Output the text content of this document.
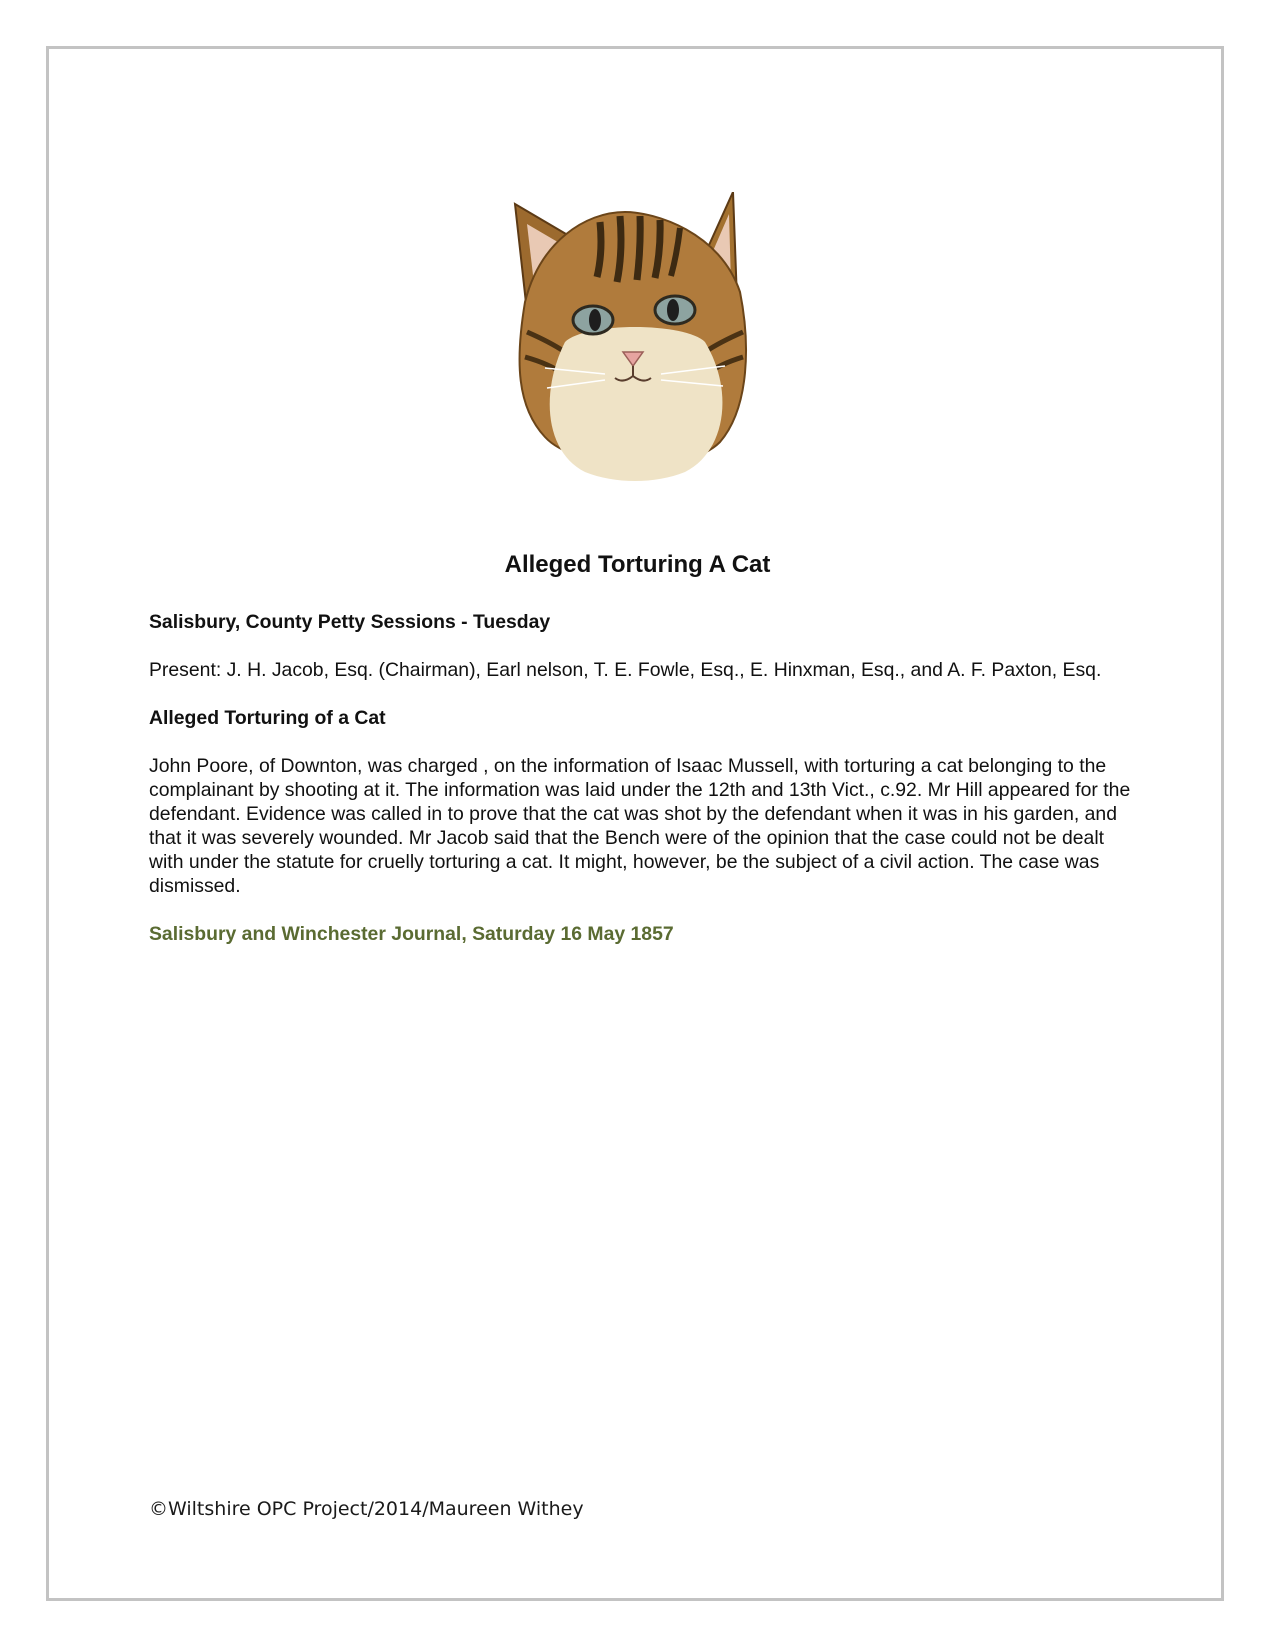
Alleged Torturing A Cat

Salisbury, County Petty Sessions - Tuesday

Present: J. H. Jacob, Esq. (Chairman), Earl nelson, T. E. Fowle, Esq., E. Hinxman, Esq., and A. F. Paxton, Esq.

Alleged Torturing of a Cat

John Poore, of Downton, was charged , on the information of Isaac Mussell, with torturing a cat belonging to the complainant by shooting at it. The information was laid under the 12th and 13th Vict., c.92. Mr Hill appeared for the defendant. Evidence was called in to prove that the cat was shot by the defendant when it was in his garden, and that it was severely wounded. Mr Jacob said that the Bench were of the opinion that the case could not be dealt with under the statute for cruelly torturing a cat. It might, however, be the subject of a civil action. The case was dismissed.

Salisbury and Winchester Journal, Saturday 16 May 1857

©Wiltshire OPC Project/2014/Maureen Withey
